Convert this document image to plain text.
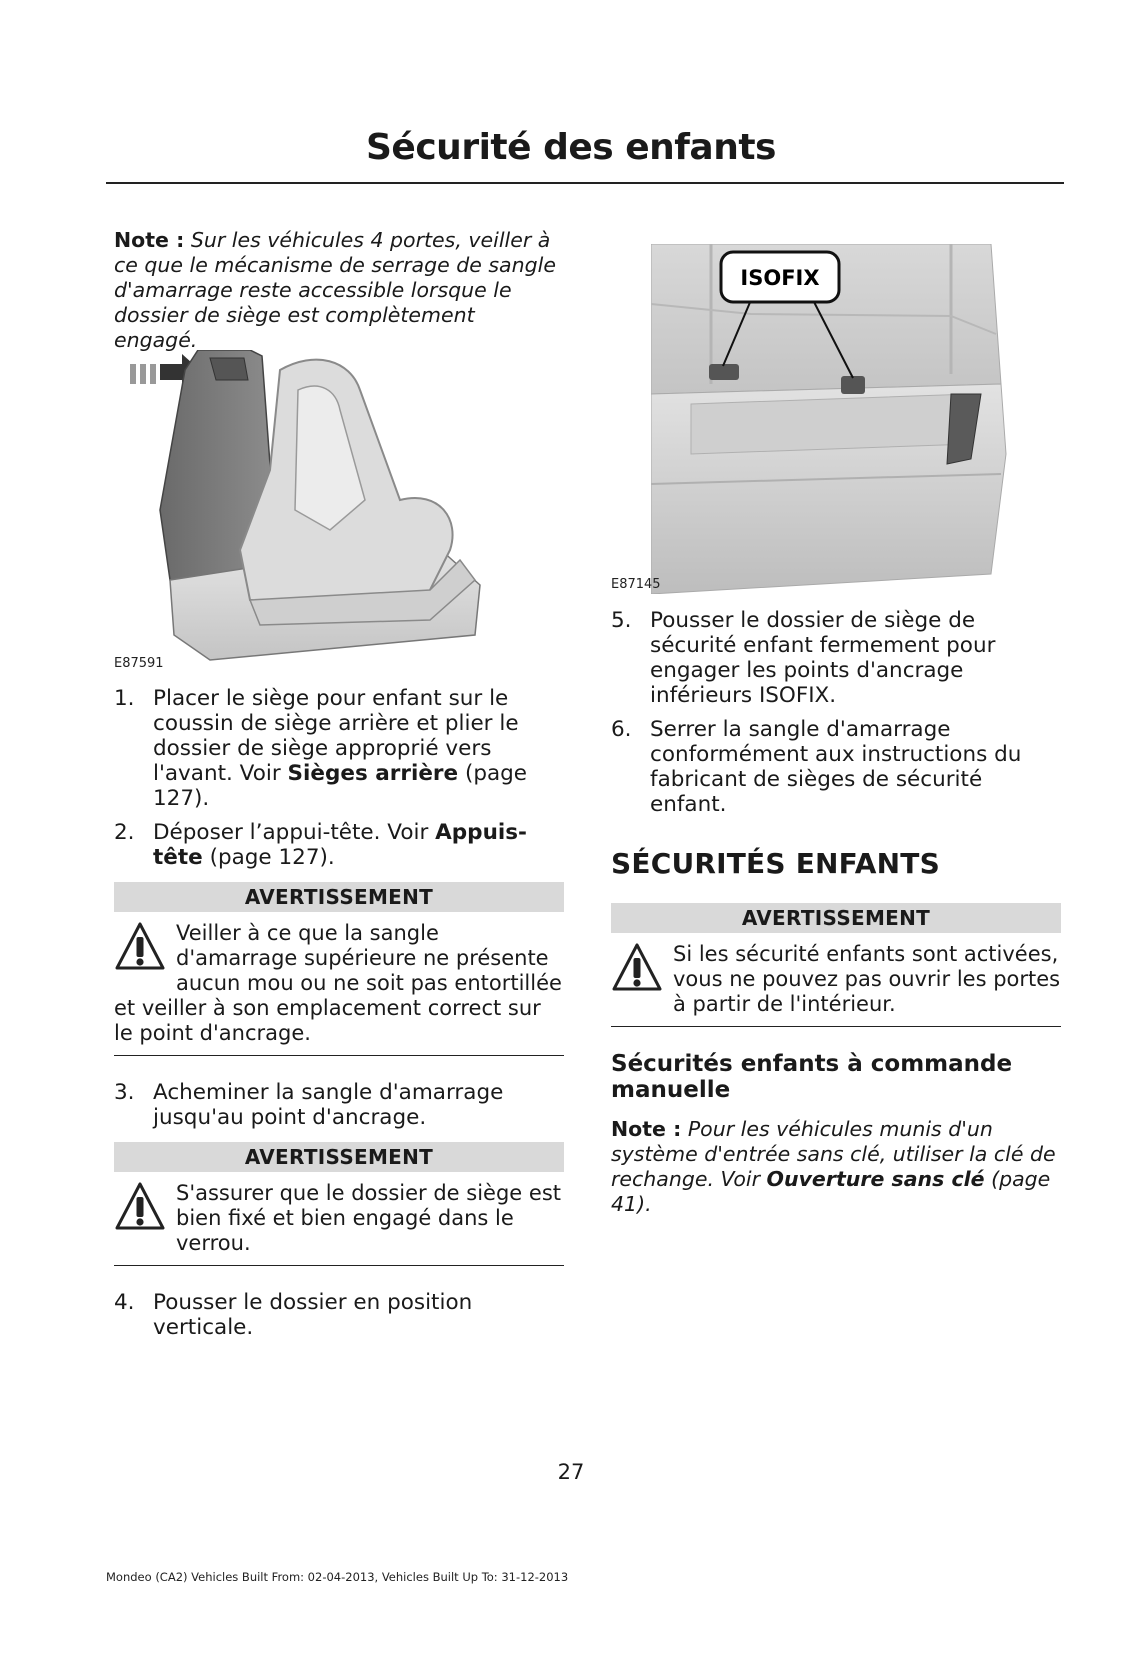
Sécurité des enfants

Note : Sur les véhicules 4 portes, veiller à ce que le mécanisme de serrage de sangle d'amarrage reste accessible lorsque le dossier de siège est complètement engagé.

E87591
1. Placer le siège pour enfant sur le coussin de siège arrière et plier le dossier de siège approprié vers l'avant. Voir Sièges arrière (page 127).
2. Déposer l’appui-tête. Voir Appuis-tête (page 127).
AVERTISSEMENT
Veiller à ce que la sangle d'amarrage supérieure ne présente aucun mou ou ne soit pas entortillée et veiller à son emplacement correct sur le point d'ancrage.
3. Acheminer la sangle d'amarrage jusqu'au point d'ancrage.
AVERTISSEMENT
S'assurer que le dossier de siège est bien fixé et bien engagé dans le verrou.
4. Pousser le dossier en position verticale.
ISOFIX
E87145
5. Pousser le dossier de siège de sécurité enfant fermement pour engager les points d'ancrage inférieurs ISOFIX.
6. Serrer la sangle d'amarrage conformément aux instructions du fabricant de sièges de sécurité enfant.
SÉCURITÉS ENFANTS
AVERTISSEMENT
Si les sécurité enfants sont activées, vous ne pouvez pas ouvrir les portes à partir de l'intérieur.
Sécurités enfants à commande manuelle

Note : Pour les véhicules munis d'un système d'entrée sans clé, utiliser la clé de rechange. Voir Ouverture sans clé (page 41).

27
Mondeo (CA2) Vehicles Built From: 02-04-2013, Vehicles Built Up To: 31-12-2013
